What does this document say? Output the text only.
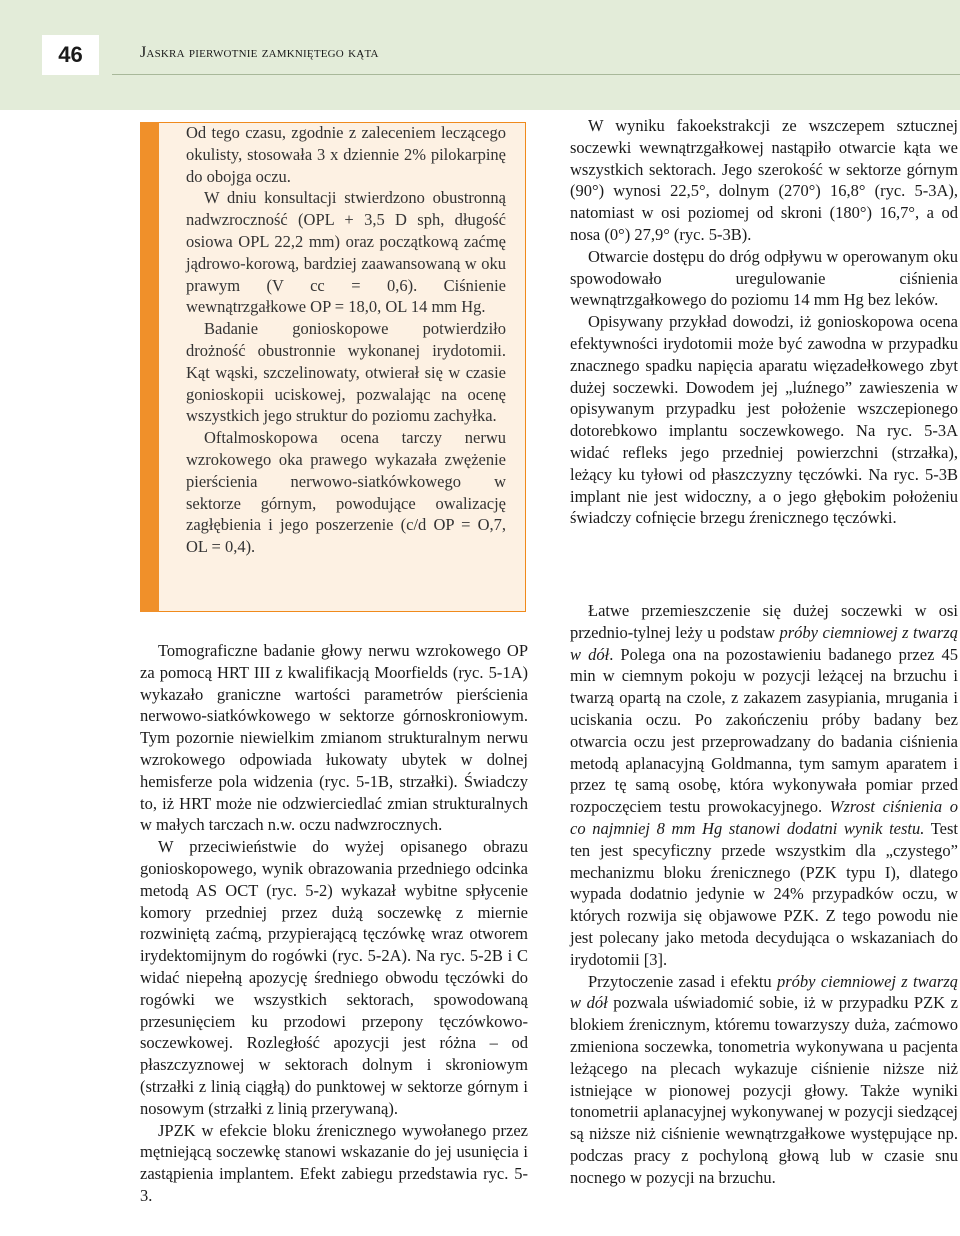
46	Jaskra pierwotnie zamkniętego kąta

Od tego czasu, zgodnie z zaleceniem leczącego okulisty, stosowała 3 x dziennie 2% pilokarpinę do obojga oczu.

W dniu konsultacji stwierdzono obustronną nadwzroczność (OPL + 3,5 D sph, długość osiowa OPL 22,2 mm) oraz początkową zaćmę jądrowo-korową, bardziej zaawansowaną w oku prawym (V cc = 0,6). Ciśnienie wewnątrzgałkowe OP = 18,0, OL 14 mm Hg.

Badanie gonioskopowe potwierdziło drożność obustronnie wykonanej irydotomii. Kąt wąski, szczelinowaty, otwierał się w czasie gonioskopii uciskowej, pozwalając na ocenę wszystkich jego struktur do poziomu zachyłka.

Oftalmoskopowa ocena tarczy nerwu wzrokowego oka prawego wykazała zwężenie pierścienia nerwowo-siatkówkowego w sektorze górnym, powodujące owalizację zagłębienia i jego poszerzenie (c/d OP = O,7, OL = 0,4).

Tomograficzne badanie głowy nerwu wzrokowego OP za pomocą HRT III z kwalifikacją Moorfields (ryc. 5-1A) wykazało graniczne wartości parametrów pierścienia nerwowo-siatkówkowego w sektorze górnoskroniowym. Tym pozornie niewielkim zmianom strukturalnym nerwu wzrokowego odpowiada łukowaty ubytek w dolnej hemisferze pola widzenia (ryc. 5-1B, strzałki). Świadczy to, iż HRT może nie odzwierciedlać zmian strukturalnych w małych tarczach n.w. oczu nadwzrocznych.

W przeciwieństwie do wyżej opisanego obrazu gonioskopowego, wynik obrazowania przedniego odcinka metodą AS OCT (ryc. 5-2) wykazał wybitne spłycenie komory przedniej przez dużą soczewkę z miernie rozwiniętą zaćmą, przypierającą tęczówkę wraz otworem irydektomijnym do rogówki (ryc. 5-2A). Na ryc. 5-2B i C widać niepełną apozycję średniego obwodu tęczówki do rogówki we wszystkich sektorach, spowodowaną przesunięciem ku przodowi przepony tęczówkowo-soczewkowej. Rozległość apozycji jest różna – od płaszczyznowej w sektorach dolnym i skroniowym (strzałki z linią ciągłą) do punktowej w sektorze górnym i nosowym (strzałki z linią przerywaną).

JPZK w efekcie bloku źrenicznego wywołanego przez mętniejącą soczewkę stanowi wskazanie do jej usunięcia i zastąpienia implantem. Efekt zabiegu przedstawia ryc. 5-3.

W wyniku fakoekstrakcji ze wszczepem sztucznej soczewki wewnątrzgałkowej nastąpiło otwarcie kąta we wszystkich sektorach. Jego szerokość w sektorze górnym (90°) wynosi 22,5°, dolnym (270°) 16,8° (ryc. 5-3A), natomiast w osi poziomej od skroni (180°) 16,7°, a od nosa (0°) 27,9° (ryc. 5-3B).

Otwarcie dostępu do dróg odpływu w operowanym oku spowodowało uregulowanie ciśnienia wewnątrzgałkowego do poziomu 14 mm Hg bez leków.

Opisywany przykład dowodzi, iż gonioskopowa ocena efektywności irydotomii może być zawodna w przypadku znacznego spadku napięcia aparatu więzadełkowego zbyt dużej soczewki. Dowodem jej „luźnego” zawieszenia w opisywanym przypadku jest położenie wszczepionego dotorebkowo implantu soczewkowego. Na ryc. 5-3A widać refleks jego przedniej powierzchni (strzałka), leżący ku tyłowi od płaszczyzny tęczówki. Na ryc. 5-3B implant nie jest widoczny, a o jego głębokim położeniu świadczy cofnięcie brzegu źrenicznego tęczówki.

Łatwe przemieszczenie się dużej soczewki w osi przednio-tylnej leży u podstaw próby ciemniowej z twarzą w dół. Polega ona na pozostawieniu badanego przez 45 min w ciemnym pokoju w pozycji leżącej na brzuchu i twarzą opartą na czole, z zakazem zasypiania, mrugania i uciskania oczu. Po zakończeniu próby badany bez otwarcia oczu jest przeprowadzany do badania ciśnienia metodą aplanacyjną Goldmanna, tym samym aparatem i przez tę samą osobę, która wykonywała pomiar przed rozpoczęciem testu prowokacyjnego. Wzrost ciśnienia o co najmniej 8 mm Hg stanowi dodatni wynik testu. Test ten jest specyficzny przede wszystkim dla „czystego” mechanizmu bloku źrenicznego (PZK typu I), dlatego wypada dodatnio jedynie w 24% przypadków oczu, w których rozwija się objawowe PZK. Z tego powodu nie jest polecany jako metoda decydująca o wskazaniach do irydotomii [3].

Przytoczenie zasad i efektu próby ciemniowej z twarzą w dół pozwala uświadomić sobie, iż w przypadku PZK z blokiem źrenicznym, któremu towarzyszy duża, zaćmowo zmieniona soczewka, tonometria wykonywana u pacjenta leżącego na plecach wykazuje ciśnienie niższe niż istniejące w pionowej pozycji głowy. Także wyniki tonometrii aplanacyjnej wykonywanej w pozycji siedzącej są niższe niż ciśnienie wewnątrzgałkowe występujące np. podczas pracy z pochyloną głową lub w czasie snu nocnego w pozycji na brzuchu.
